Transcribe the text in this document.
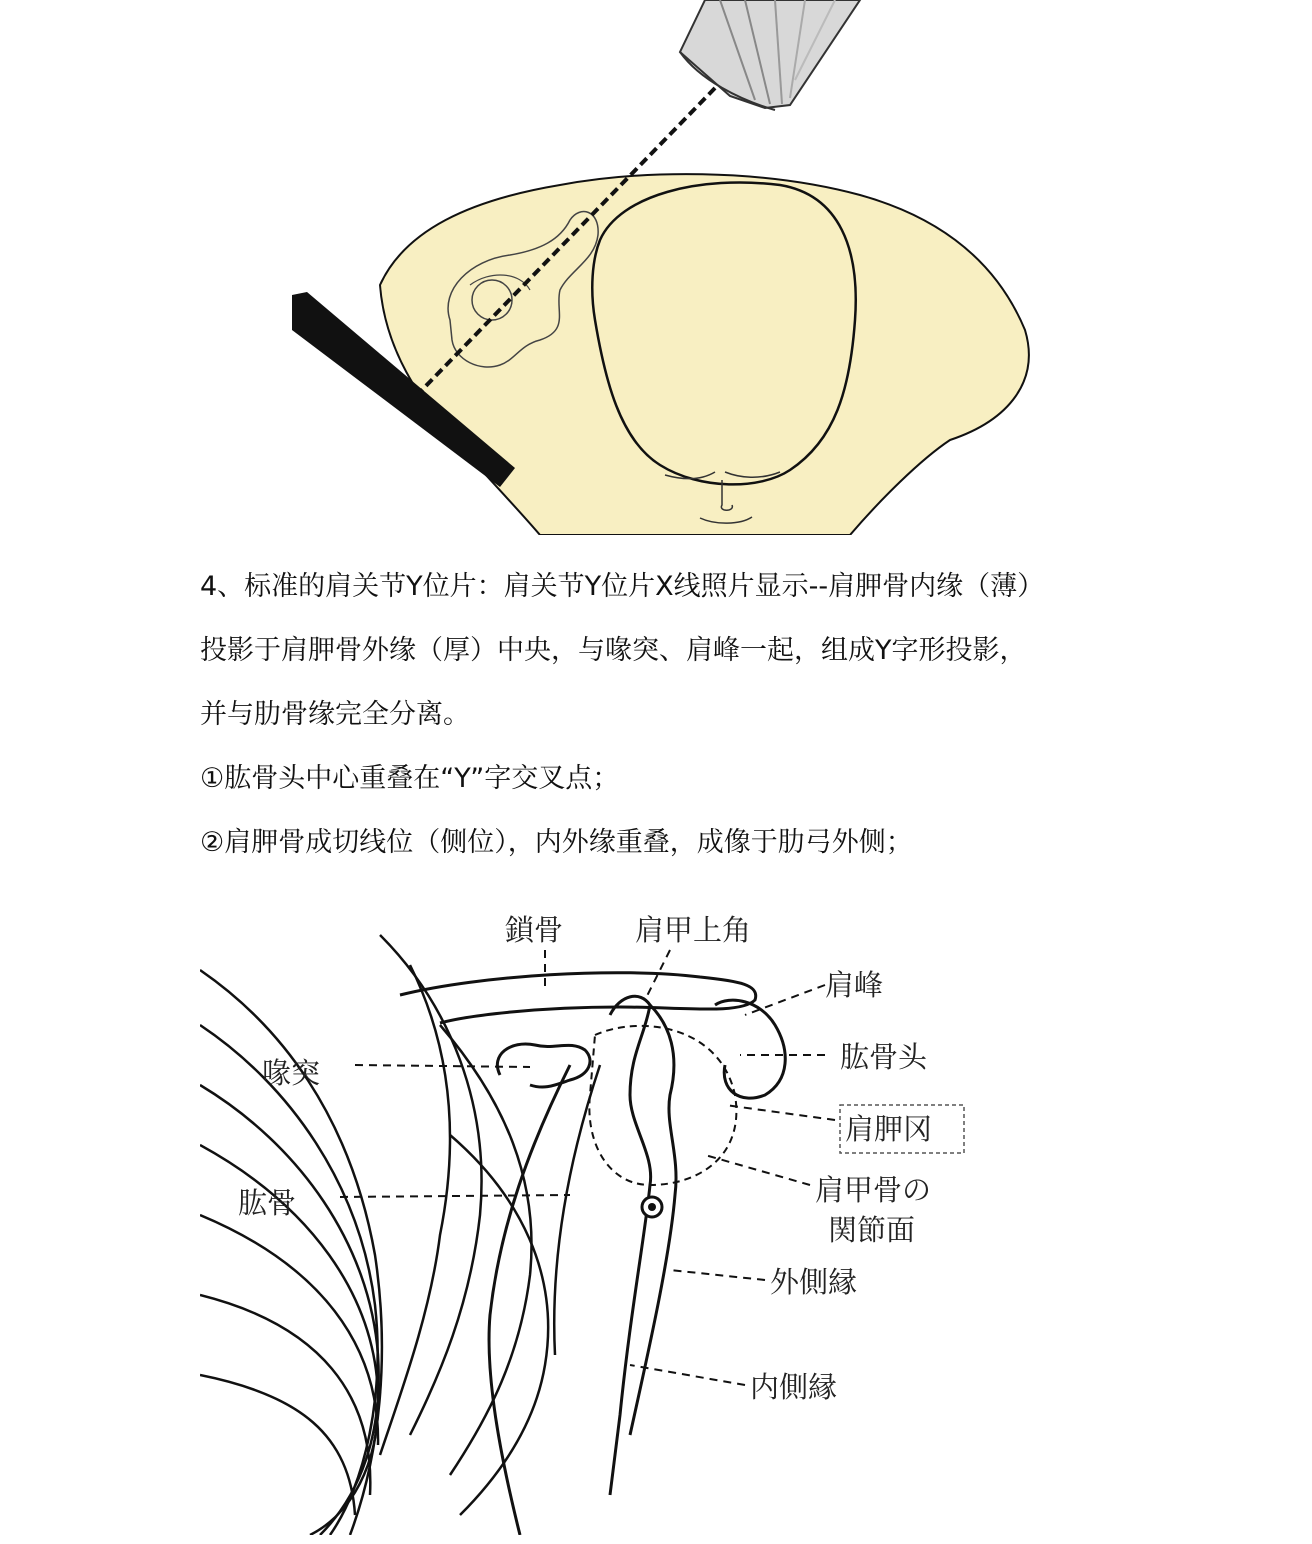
4、标准的肩关节Y位片：肩关节Y位片X线照片显示--肩胛骨内缘（薄）

投影于肩胛骨外缘（厚）中央，与喙突、肩峰一起，组成Y字形投影，

并与肋骨缘完全分离。

①肱骨头中心重叠在“Y”字交叉点；

②肩胛骨成切线位（侧位），内外缘重叠，成像于肋弓外侧；

鎖骨 肩甲上角
肩峰
肱骨头
喙突
肩胛冈
肱骨	肩甲骨の
関節面
外側縁
内側縁
